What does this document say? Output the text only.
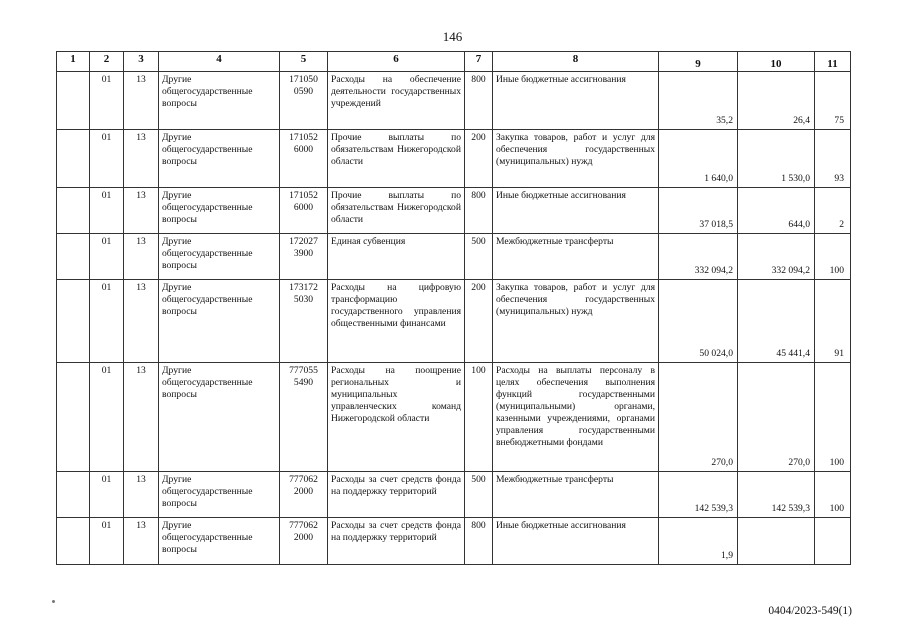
146
1	2	3	4	5	6	7	8	9	10	11
	01	13	Другие общегосударственные вопросы	171050 0590	Расходы на обеспечение деятельности государственных учреждений	800	Иные бюджетные ассигнования	35,2	26,4	75
	01	13	Другие общегосударственные вопросы	171052 6000	Прочие выплаты по обязательствам Нижегородской области	200	Закупка товаров, работ и услуг для обеспечения государственных (муниципальных) нужд	1 640,0	1 530,0	93
	01	13	Другие общегосударственные вопросы	171052 6000	Прочие выплаты по обязательствам Нижегородской области	800	Иные бюджетные ассигнования	37 018,5	644,0	2
	01	13	Другие общегосударственные вопросы	172027 3900	Единая субвенция	500	Межбюджетные трансферты	332 094,2	332 094,2	100
	01	13	Другие общегосударственные вопросы	173172 5030	Расходы на цифровую трансформацию государственного управления общественными финансами	200	Закупка товаров, работ и услуг для обеспечения государственных (муниципальных) нужд	50 024,0	45 441,4	91
	01	13	Другие общегосударственные вопросы	777055 5490	Расходы на поощрение региональных и муниципальных управленческих команд Нижегородской области	100	Расходы на выплаты персоналу в целях обеспечения выполнения функций государственными (муниципальными) органами, казенными учреждениями, органами управления государственными внебюджетными фондами	270,0	270,0	100
	01	13	Другие общегосударственные вопросы	777062 2000	Расходы за счет средств фонда на поддержку территорий	500	Межбюджетные трансферты	142 539,3	142 539,3	100
	01	13	Другие общегосударственные вопросы	777062 2000	Расходы за счет средств фонда на поддержку территорий	800	Иные бюджетные ассигнования	1,9		
0404/2023-549(1)
